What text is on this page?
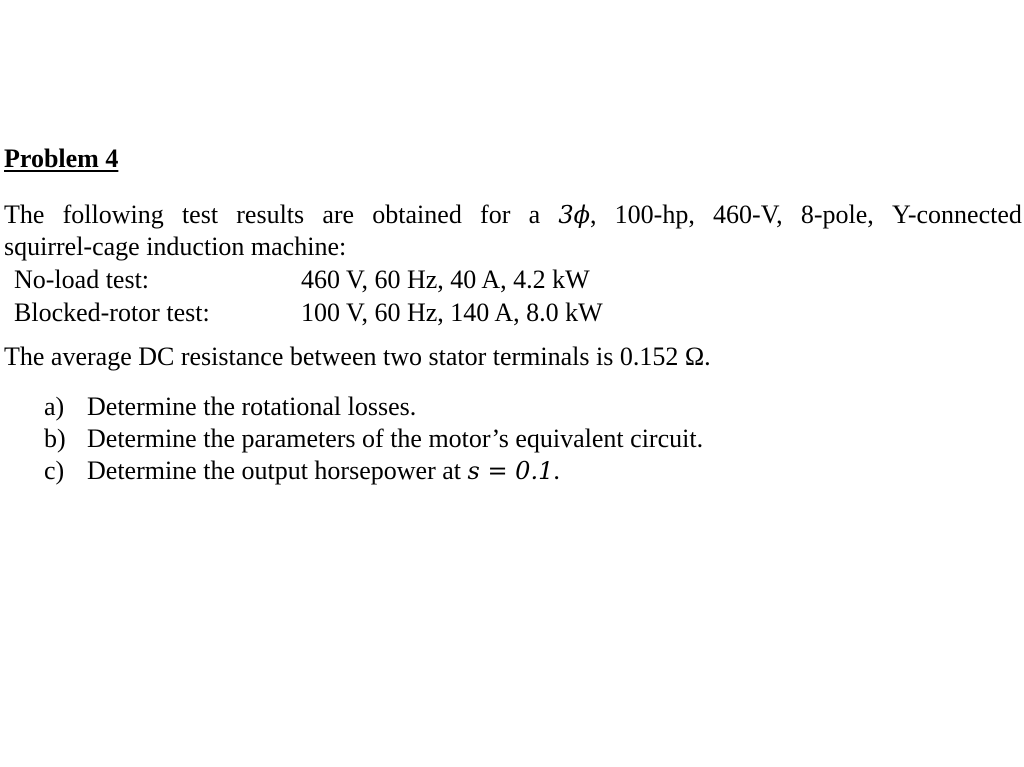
Problem 4
The following test results are obtained for a 3ϕ, 100-hp, 460-V, 8-pole, Y-connected
squirrel-cage induction machine:
No-load test:	460 V, 60 Hz, 40 A, 4.2 kW
Blocked-rotor test:	100 V, 60 Hz, 140 A, 8.0 kW

The average DC resistance between two stator terminals is 0.152 Ω.

a) Determine the rotational losses.
b) Determine the parameters of the motor’s equivalent circuit.
c) Determine the output horsepower at s = 0.1.
